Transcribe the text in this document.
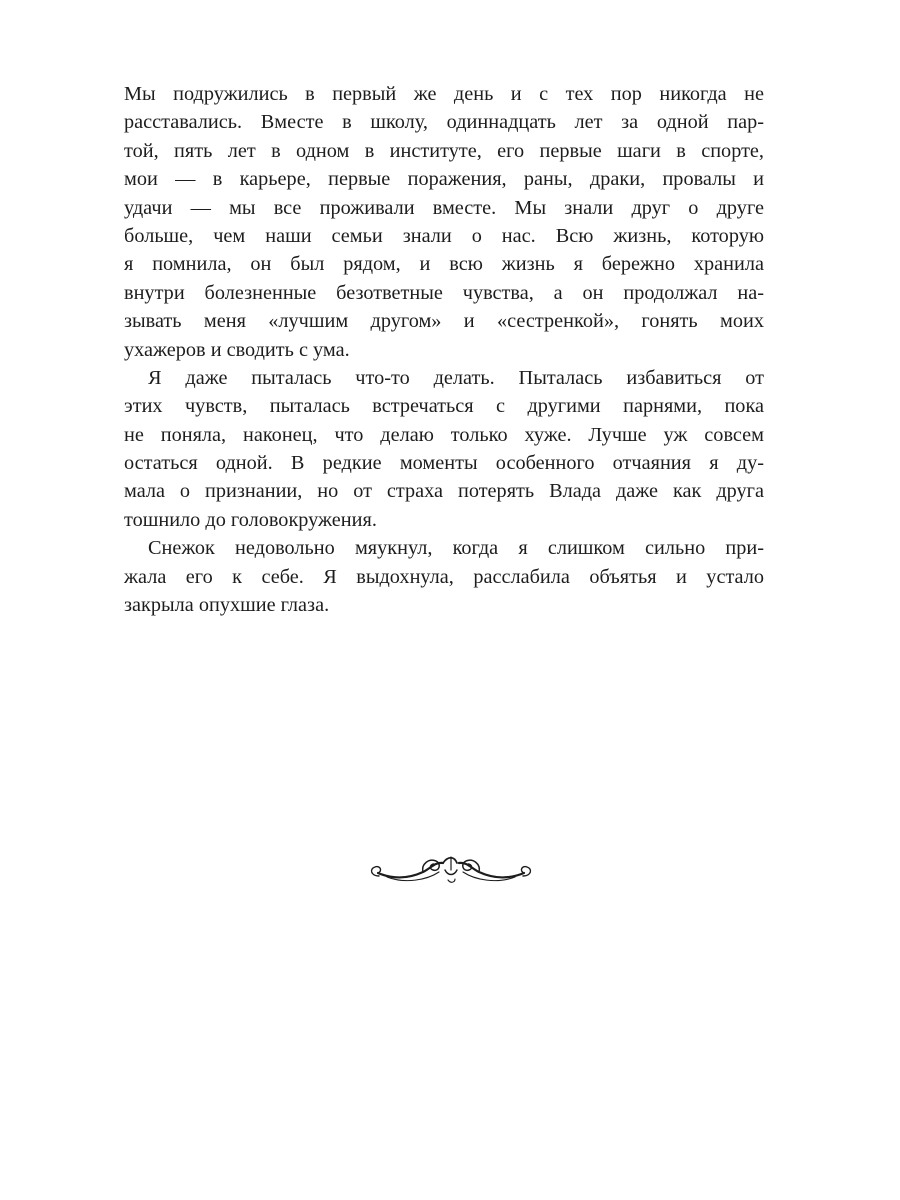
Мы подружились в первый же день и с тех пор никогда не
расставались. Вместе в школу, одиннадцать лет за одной пар-
той, пять лет в одном в институте, его первые шаги в спорте,
мои — в карьере, первые поражения, раны, драки, провалы и
удачи — мы все проживали вместе. Мы знали друг о друге
больше, чем наши семьи знали о нас. Всю жизнь, которую
я помнила, он был рядом, и всю жизнь я бережно хранила
внутри болезненные безответные чувства, а он продолжал на-
зывать меня «лучшим другом» и «сестренкой», гонять моих
ухажеров и сводить с ума.
Я даже пыталась что-то делать. Пыталась избавиться от
этих чувств, пыталась встречаться с другими парнями, пока
не поняла, наконец, что делаю только хуже. Лучше уж совсем
остаться одной. В редкие моменты особенного отчаяния я ду-
мала о признании, но от страха потерять Влада даже как друга
тошнило до головокружения.
Снежок недовольно мяукнул, когда я слишком сильно при-
жала его к себе. Я выдохнула, расслабила объятья и устало
закрыла опухшие глаза.
